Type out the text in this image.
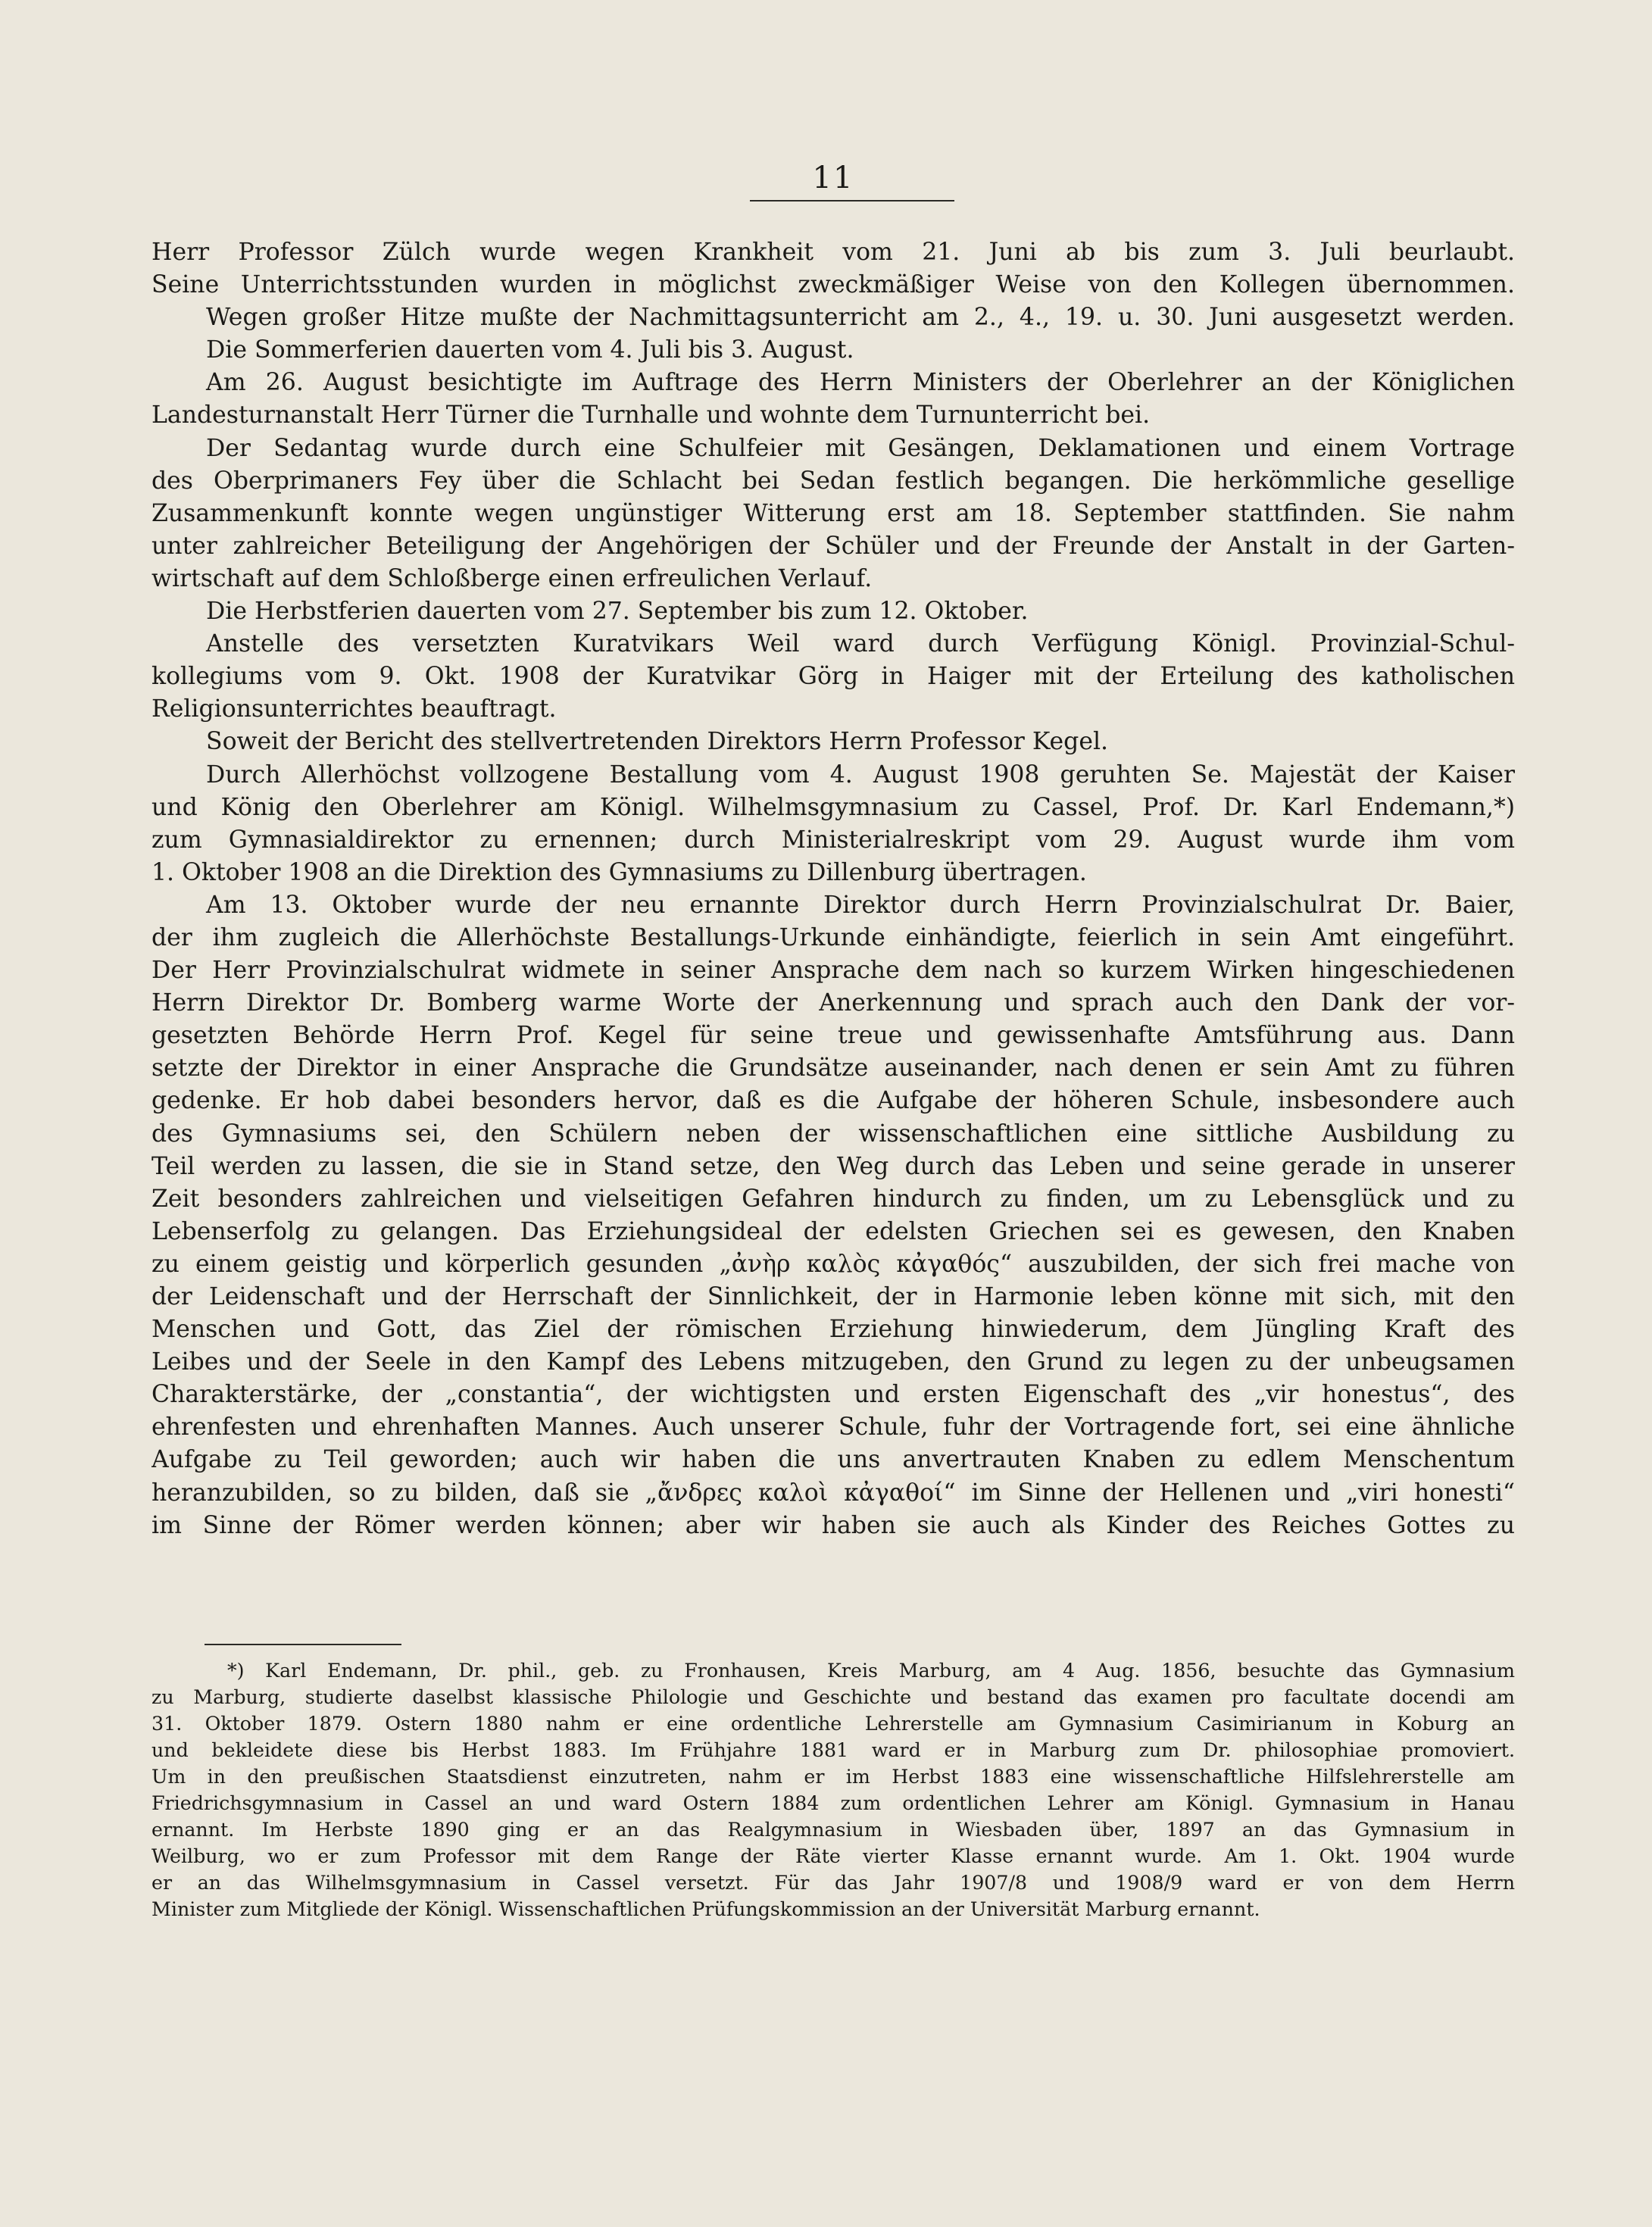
11
Herr Professor Zülch wurde wegen Krankheit vom 21. Juni ab bis zum 3. Juli beurlaubt.
Seine Unterrichtsstunden wurden in möglichst zweckmäßiger Weise von den Kollegen übernommen.
Wegen großer Hitze mußte der Nachmittagsunterricht am 2., 4., 19. u. 30. Juni ausgesetzt werden.
Die Sommerferien dauerten vom 4. Juli bis 3. August.
Am 26. August besichtigte im Auftrage des Herrn Ministers der Oberlehrer an der Königlichen
Landesturnanstalt Herr Türner die Turnhalle und wohnte dem Turnunterricht bei.
Der Sedantag wurde durch eine Schulfeier mit Gesängen, Deklamationen und einem Vortrage
des Oberprimaners Fey über die Schlacht bei Sedan festlich begangen. Die herkömmliche gesellige
Zusammenkunft konnte wegen ungünstiger Witterung erst am 18. September stattfinden. Sie nahm
unter zahlreicher Beteiligung der Angehörigen der Schüler und der Freunde der Anstalt in der Garten-
wirtschaft auf dem Schloßberge einen erfreulichen Verlauf.
Die Herbstferien dauerten vom 27. September bis zum 12. Oktober.
Anstelle des versetzten Kuratvikars Weil ward durch Verfügung Königl. Provinzial-Schul-
kollegiums vom 9. Okt. 1908 der Kuratvikar Görg in Haiger mit der Erteilung des katholischen
Religionsunterrichtes beauftragt.
Soweit der Bericht des stellvertretenden Direktors Herrn Professor Kegel.
Durch Allerhöchst vollzogene Bestallung vom 4. August 1908 geruhten Se. Majestät der Kaiser
und König den Oberlehrer am Königl. Wilhelmsgymnasium zu Cassel, Prof. Dr. Karl Endemann,*)
zum Gymnasialdirektor zu ernennen; durch Ministerialreskript vom 29. August wurde ihm vom
1. Oktober 1908 an die Direktion des Gymnasiums zu Dillenburg übertragen.
Am 13. Oktober wurde der neu ernannte Direktor durch Herrn Provinzialschulrat Dr. Baier,
der ihm zugleich die Allerhöchste Bestallungs-Urkunde einhändigte, feierlich in sein Amt eingeführt.
Der Herr Provinzialschulrat widmete in seiner Ansprache dem nach so kurzem Wirken hingeschiedenen
Herrn Direktor Dr. Bomberg warme Worte der Anerkennung und sprach auch den Dank der vor-
gesetzten Behörde Herrn Prof. Kegel für seine treue und gewissenhafte Amtsführung aus. Dann
setzte der Direktor in einer Ansprache die Grundsätze auseinander, nach denen er sein Amt zu führen
gedenke. Er hob dabei besonders hervor, daß es die Aufgabe der höheren Schule, insbesondere auch
des Gymnasiums sei, den Schülern neben der wissenschaftlichen eine sittliche Ausbildung zu
Teil werden zu lassen, die sie in Stand setze, den Weg durch das Leben und seine gerade in unserer
Zeit besonders zahlreichen und vielseitigen Gefahren hindurch zu finden, um zu Lebensglück und zu
Lebenserfolg zu gelangen. Das Erziehungsideal der edelsten Griechen sei es gewesen, den Knaben
zu einem geistig und körperlich gesunden „ἀνὴρ καλὸς κἀγαθός“ auszubilden, der sich frei mache von
der Leidenschaft und der Herrschaft der Sinnlichkeit, der in Harmonie leben könne mit sich, mit den
Menschen und Gott, das Ziel der römischen Erziehung hinwiederum, dem Jüngling Kraft des
Leibes und der Seele in den Kampf des Lebens mitzugeben, den Grund zu legen zu der unbeugsamen
Charakterstärke, der „constantia“, der wichtigsten und ersten Eigenschaft des „vir honestus“, des
ehrenfesten und ehrenhaften Mannes. Auch unserer Schule, fuhr der Vortragende fort, sei eine ähnliche
Aufgabe zu Teil geworden; auch wir haben die uns anvertrauten Knaben zu edlem Menschentum
heranzubilden, so zu bilden, daß sie „ἄνδρες καλοὶ κἀγαθοί“ im Sinne der Hellenen und „viri honesti“
im Sinne der Römer werden können; aber wir haben sie auch als Kinder des Reiches Gottes zu
*) Karl Endemann, Dr. phil., geb. zu Fronhausen, Kreis Marburg, am 4 Aug. 1856, besuchte das Gymnasium
zu Marburg, studierte daselbst klassische Philologie und Geschichte und bestand das examen pro facultate docendi am
31. Oktober 1879. Ostern 1880 nahm er eine ordentliche Lehrerstelle am Gymnasium Casimirianum in Koburg an
und bekleidete diese bis Herbst 1883. Im Frühjahre 1881 ward er in Marburg zum Dr. philosophiae promoviert.
Um in den preußischen Staatsdienst einzutreten, nahm er im Herbst 1883 eine wissenschaftliche Hilfslehrerstelle am
Friedrichsgymnasium in Cassel an und ward Ostern 1884 zum ordentlichen Lehrer am Königl. Gymnasium in Hanau
ernannt. Im Herbste 1890 ging er an das Realgymnasium in Wiesbaden über, 1897 an das Gymnasium in
Weilburg, wo er zum Professor mit dem Range der Räte vierter Klasse ernannt wurde. Am 1. Okt. 1904 wurde
er an das Wilhelmsgymnasium in Cassel versetzt. Für das Jahr 1907/8 und 1908/9 ward er von dem Herrn
Minister zum Mitgliede der Königl. Wissenschaftlichen Prüfungskommission an der Universität Marburg ernannt.
